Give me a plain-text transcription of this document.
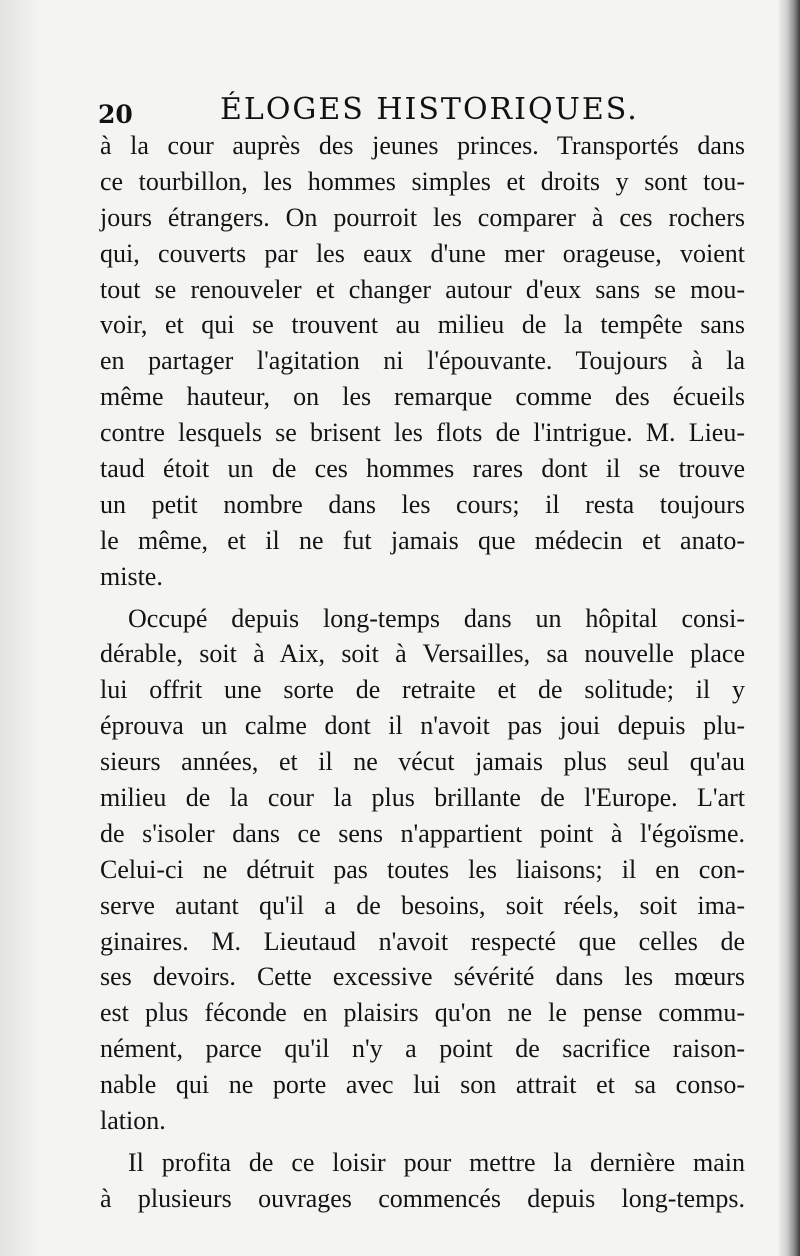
20	ÉLOGES HISTORIQUES.
à la cour auprès des jeunes princes. Transportés dans
ce tourbillon, les hommes simples et droits y sont tou-
jours étrangers. On pourroit les comparer à ces rochers
qui, couverts par les eaux d'une mer orageuse, voient
tout se renouveler et changer autour d'eux sans se mou-
voir, et qui se trouvent au milieu de la tempête sans
en partager l'agitation ni l'épouvante. Toujours à la
même hauteur, on les remarque comme des écueils
contre lesquels se brisent les flots de l'intrigue. M. Lieu-
taud étoit un de ces hommes rares dont il se trouve
un petit nombre dans les cours; il resta toujours
le même, et il ne fut jamais que médecin et anato-
miste.
Occupé depuis long-temps dans un hôpital consi-
dérable, soit à Aix, soit à Versailles, sa nouvelle place
lui offrit une sorte de retraite et de solitude; il y
éprouva un calme dont il n'avoit pas joui depuis plu-
sieurs années, et il ne vécut jamais plus seul qu'au
milieu de la cour la plus brillante de l'Europe. L'art
de s'isoler dans ce sens n'appartient point à l'égoïsme.
Celui-ci ne détruit pas toutes les liaisons; il en con-
serve autant qu'il a de besoins, soit réels, soit ima-
ginaires. M. Lieutaud n'avoit respecté que celles de
ses devoirs. Cette excessive sévérité dans les mœurs
est plus féconde en plaisirs qu'on ne le pense commu-
nément, parce qu'il n'y a point de sacrifice raison-
nable qui ne porte avec lui son attrait et sa conso-
lation.
Il profita de ce loisir pour mettre la dernière main
à plusieurs ouvrages commencés depuis long-temps.
